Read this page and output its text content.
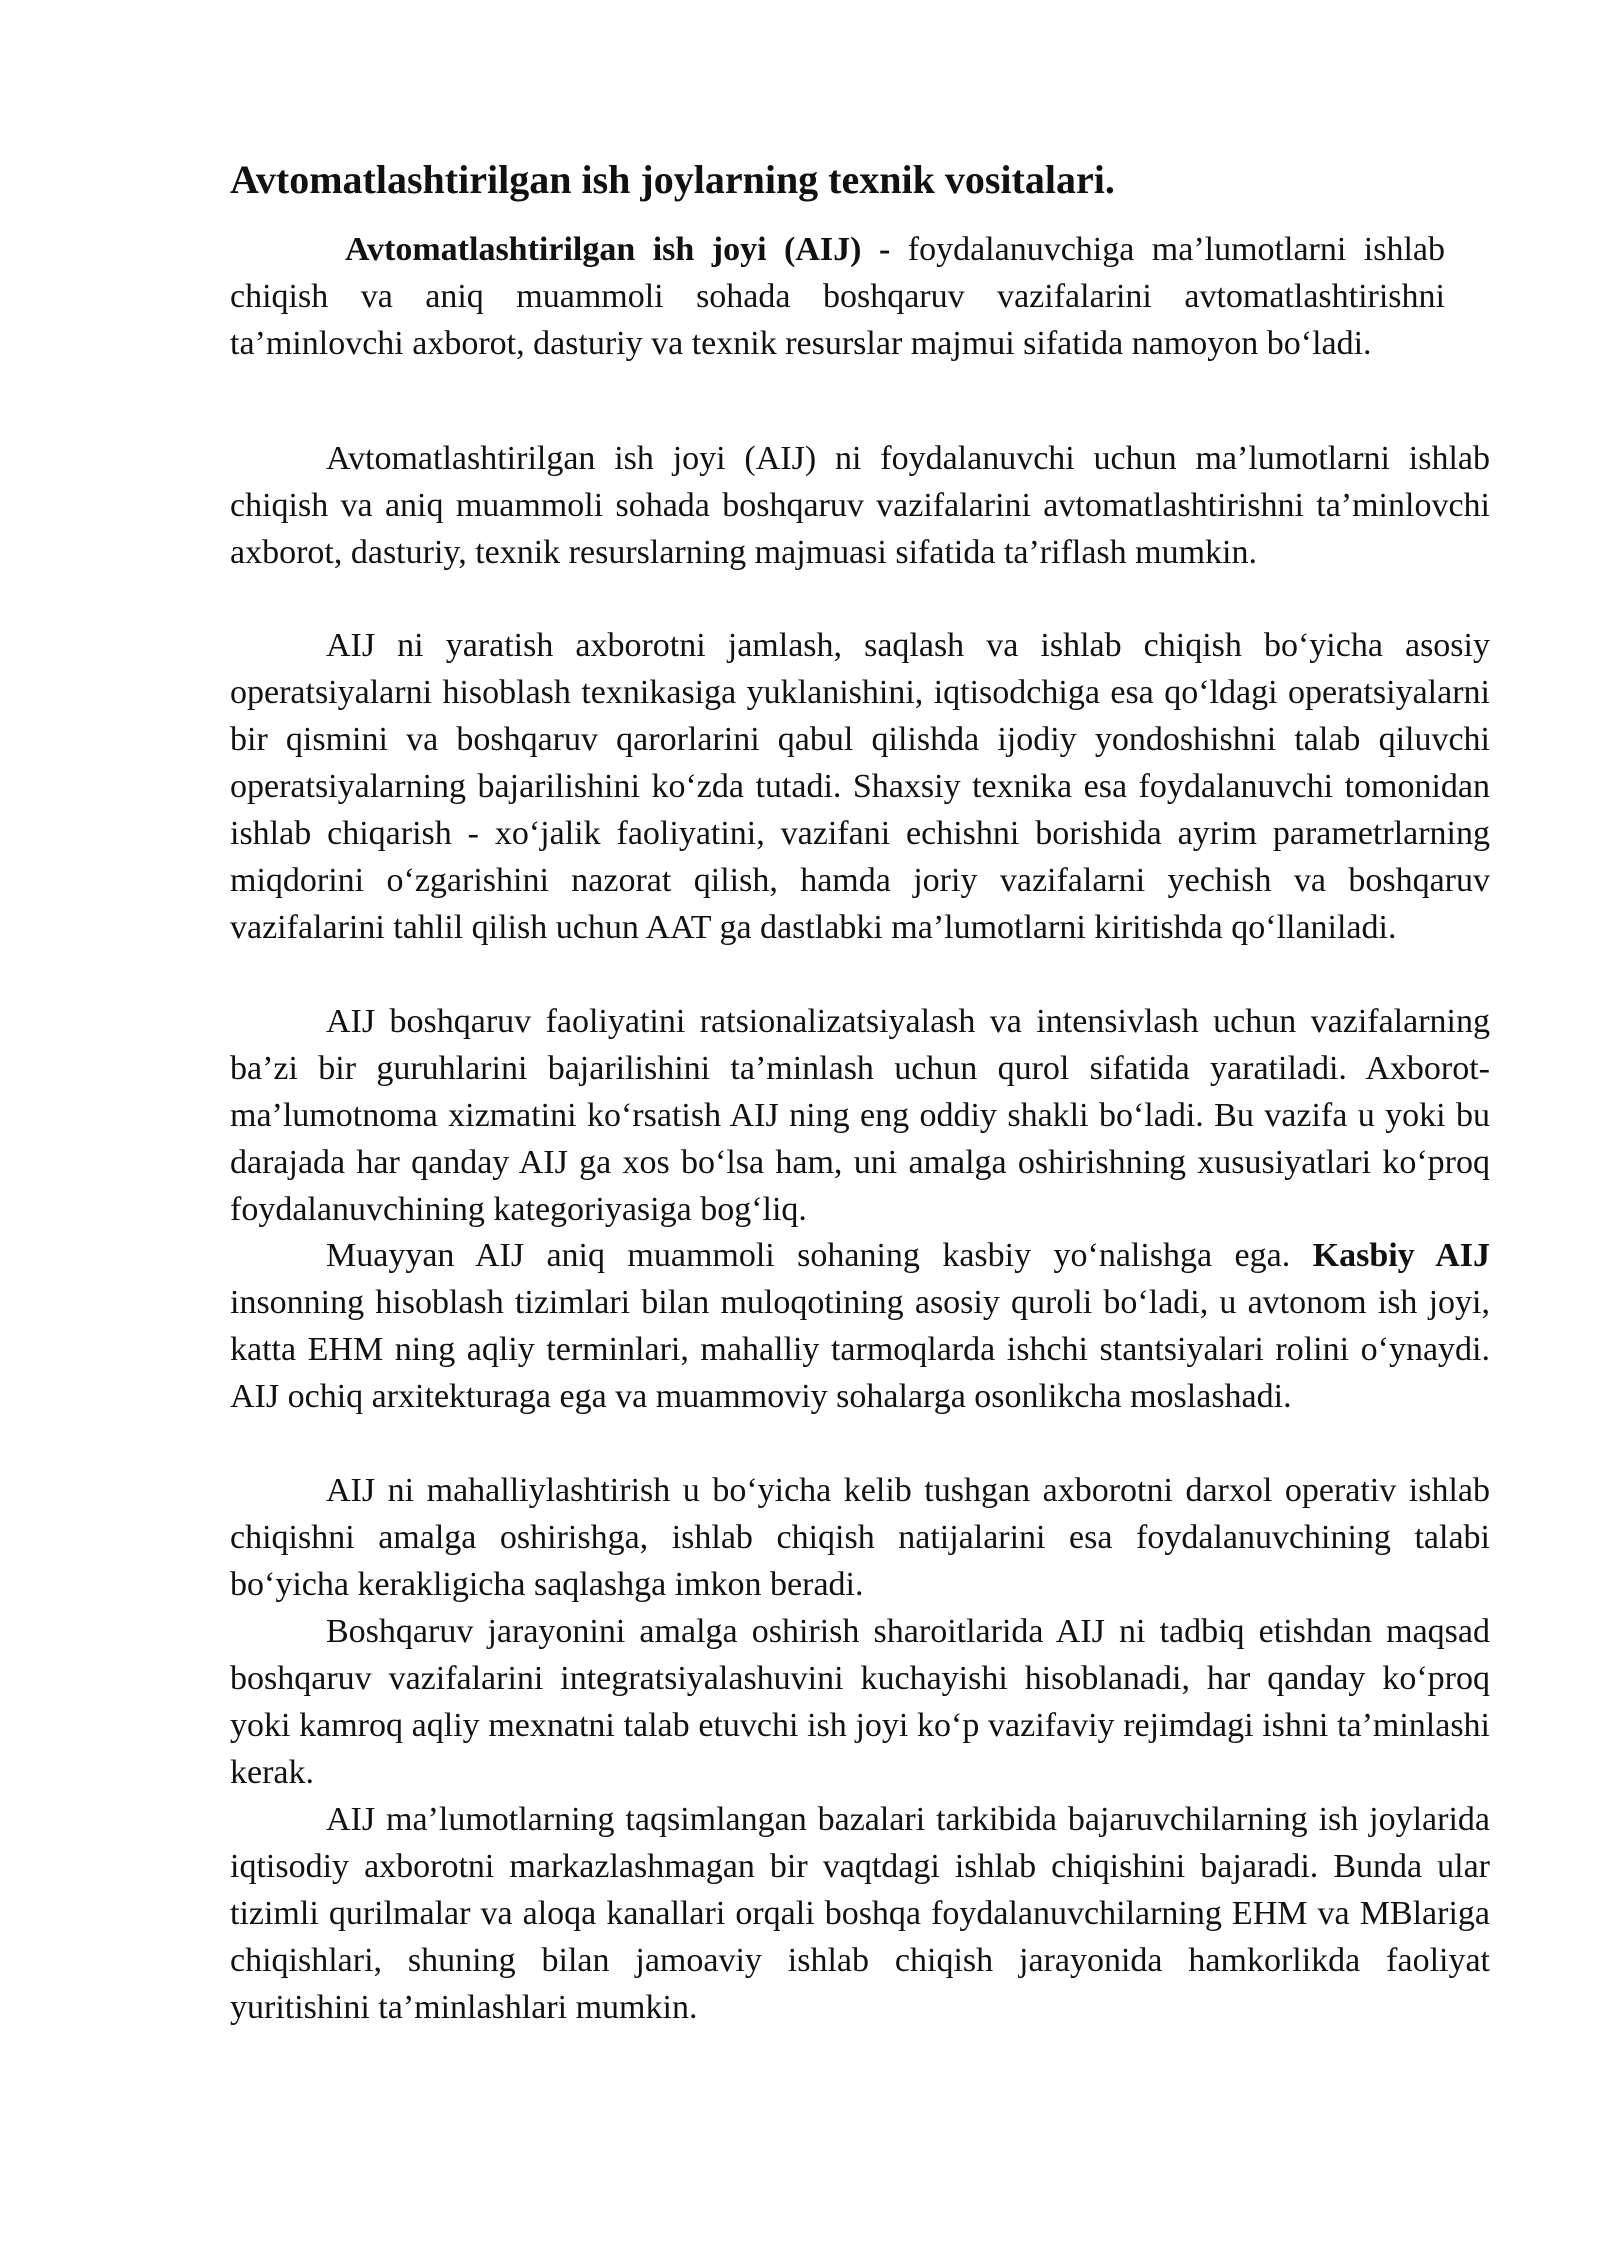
Avtomatlashtirilgan ish joylarning texnik vositalari.

Avtomatlashtirilgan ish joyi (AIJ) - foydalanuvchiga ma’lumotlarni ishlab chiqish va aniq muammoli sohada boshqaruv vazifalarini avtomatlashtirishni ta’minlovchi axborot, dasturiy va texnik resurslar majmui sifatida namoyon bo‘ladi.

Avtomatlashtirilgan ish joyi (AIJ) ni foydalanuvchi uchun ma’lumotlarni ishlab chiqish va aniq muammoli sohada boshqaruv vazifalarini avtomatlashtirishni ta’minlovchi axborot, dasturiy, texnik resurslarning majmuasi sifatida ta’riflash mumkin.

AIJ ni yaratish axborotni jamlash, saqlash va ishlab chiqish bo‘yicha asosiy operatsiyalarni hisoblash texnikasiga yuklanishini, iqtisodchiga esa qo‘ldagi operatsiyalarni bir qismini va boshqaruv qarorlarini qabul qilishda ijodiy yondoshishni talab qiluvchi operatsiyalarning bajarilishini ko‘zda tutadi. Shaxsiy texnika esa foydalanuvchi tomonidan ishlab chiqarish - xo‘jalik faoliyatini, vazifani echishni borishida ayrim parametrlarning miqdorini o‘zgarishini nazorat qilish, hamda joriy vazifalarni yechish va boshqaruv vazifalarini tahlil qilish uchun AAT ga dastlabki ma’lumotlarni kiritishda qo‘llaniladi.

AIJ boshqaruv faoliyatini ratsionalizatsiyalash va intensivlash uchun vazifalarning ba’zi bir guruhlarini bajarilishini ta’minlash uchun qurol sifatida yaratiladi. Axborot-ma’lumotnoma xizmatini ko‘rsatish AIJ ning eng oddiy shakli bo‘ladi. Bu vazifa u yoki bu darajada har qanday AIJ ga xos bo‘lsa ham, uni amalga oshirishning xususiyatlari ko‘proq foydalanuvchining kategoriyasiga bog‘liq.

Muayyan AIJ aniq muammoli sohaning kasbiy yo‘nalishga ega. Kasbiy AIJ insonning hisoblash tizimlari bilan muloqotining asosiy quroli bo‘ladi, u avtonom ish joyi, katta EHM ning aqliy terminlari, mahalliy tarmoqlarda ishchi stantsiyalari rolini o‘ynaydi. AIJ ochiq arxitekturaga ega va muammoviy sohalarga osonlikcha moslashadi.

AIJ ni mahalliylashtirish u bo‘yicha kelib tushgan axborotni darxol operativ ishlab chiqishni amalga oshirishga, ishlab chiqish natijalarini esa foydalanuvchining talabi bo‘yicha kerakligicha saqlashga imkon beradi.

Boshqaruv jarayonini amalga oshirish sharoitlarida AIJ ni tadbiq etishdan maqsad boshqaruv vazifalarini integratsiyalashuvini kuchayishi hisoblanadi, har qanday ko‘proq yoki kamroq aqliy mexnatni talab etuvchi ish joyi ko‘p vazifaviy rejimdagi ishni ta’minlashi kerak.

AIJ ma’lumotlarning taqsimlangan bazalari tarkibida bajaruvchilarning ish joylarida iqtisodiy axborotni markazlashmagan bir vaqtdagi ishlab chiqishini bajaradi. Bunda ular tizimli qurilmalar va aloqa kanallari orqali boshqa foydalanuvchilarning EHM va MBlariga chiqishlari, shuning bilan jamoaviy ishlab chiqish jarayonida hamkorlikda faoliyat yuritishini ta’minlashlari mumkin.
